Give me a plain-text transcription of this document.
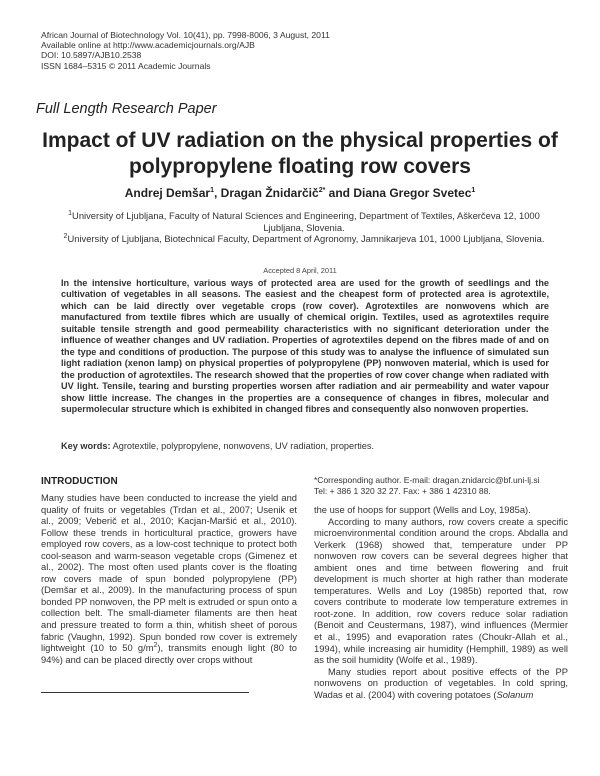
African Journal of Biotechnology Vol. 10(41), pp. 7998-8006, 3 August, 2011
Available online at http://www.academicjournals.org/AJB
DOI: 10.5897/AJB10.2538
ISSN 1684–5315 © 2011 Academic Journals
Full Length Research Paper
Impact of UV radiation on the physical properties of
polypropylene floating row covers
Andrej Demšar$^1$, Dragan Žnidarčič$^{2*}$ and Diana Gregor Svetec$^1$
$^1$University of Ljubljana, Faculty of Natural Sciences and Engineering, Department of Textiles, Aškerčeva 12, 1000
Ljubljana, Slovenia.
$^2$University of Ljubljana, Biotechnical Faculty, Department of Agronomy, Jamnikarjeva 101, 1000 Ljubljana, Slovenia.
Accepted 8 April, 2011
In the intensive horticulture, various ways of protected area are used for the growth of seedlings and the cultivation of vegetables in all seasons. The easiest and the cheapest form of protected area is agrotextile, which can be laid directly over vegetable crops (row cover). Agrotextiles are nonwovens which are manufactured from textile fibres which are usually of chemical origin. Textiles, used as agrotextiles require suitable tensile strength and good permeability characteristics with no significant deterioration under the influence of weather changes and UV radiation. Properties of agrotextiles depend on the fibres made of and on the type and conditions of production. The purpose of this study was to analyse the influence of simulated sun light radiation (xenon lamp) on physical properties of polypropylene (PP) nonwoven material, which is used for the production of agrotextiles. The research showed that the properties of row cover change when radiated with UV light. Tensile, tearing and bursting properties worsen after radiation and air permeability and water vapour show little increase. The changes in the properties are a consequence of changes in fibres, molecular and supermolecular structure which is exhibited in changed fibres and consequently also nonwoven properties.
Key words: Agrotextile, polypropylene, nonwovens, UV radiation, properties.
INTRODUCTION

Many studies have been conducted to increase the yield and quality of fruits or vegetables (Trdan et al., 2007; Usenik et al., 2009; Veberič et al., 2010; Kacjan-Maršić et al., 2010). Follow these trends in horticultural practice, growers have employed row covers, as a low-cost technique to protect both cool-season and warm-season vegetable crops (Gimenez et al., 2002). The most often used plants cover is the floating row covers made of spun bonded polypropylene (PP) (Demšar et al., 2009). In the manufacturing process of spun bonded PP nonwoven, the PP melt is extruded or spun onto a collection belt. The small-diameter filaments are then heat and pressure treated to form a thin, whitish sheet of porous fabric (Vaughn, 1992). Spun bonded row cover is extremely lightweight (10 to 50 $g/m^2$), transmits enough light (80 to 94%) and can be placed directly over crops without

*Corresponding author. E-mail: dragan.znidarcic@bf.uni-lj.si
Tel: + 386 1 320 32 27. Fax: + 386 1 42310 88.

the use of hoops for support (Wells and Loy, 1985a).

According to many authors, row covers create a specific microenvironmental condition around the crops. Abdalla and Verkerk (1968) showed that, temperature under PP nonwoven row covers can be several degrees higher that ambient ones and time between flowering and fruit development is much shorter at high rather than moderate temperatures. Wells and Loy (1985b) reported that, row covers contribute to moderate low temperature extremes in root-zone. In addition, row covers reduce solar radiation (Benoit and Ceustermans, 1987), wind influences (Mermier et al., 1995) and evaporation rates (Choukr-Allah et al., 1994), while increasing air humidity (Hemphill, 1989) as well as the soil humidity (Wolfe et al., 1989).

Many studies report about positive effects of the PP nonwovens on production of vegetables. In cold spring, Wadas et al. (2004) with covering potatoes (Solanum
